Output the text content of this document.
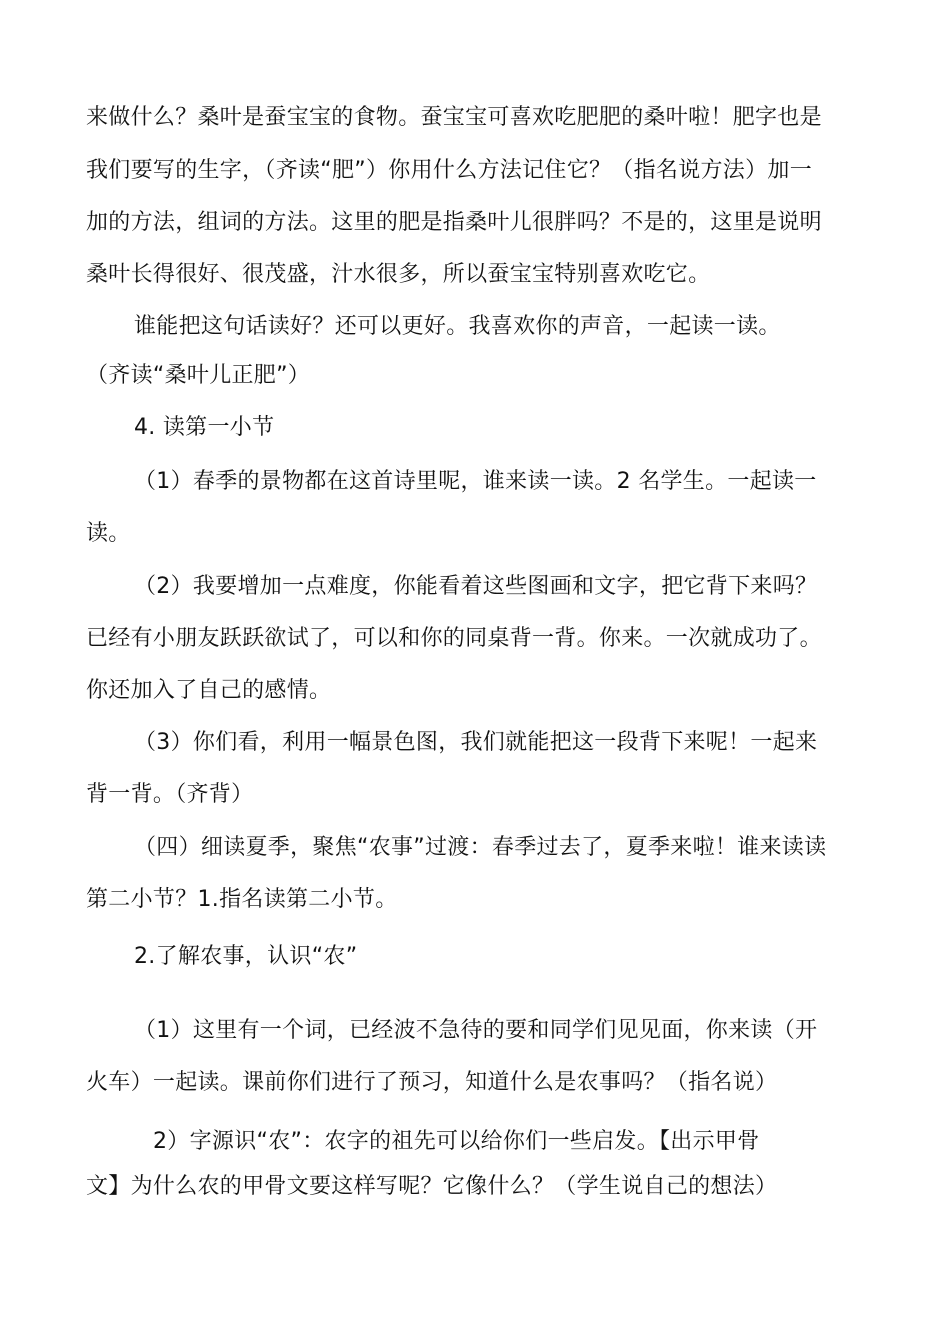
来做什么？桑叶是蚕宝宝的食物。蚕宝宝可喜欢吃肥肥的桑叶啦！肥字也是
我们要写的生字，（齐读“肥”）你用什么方法记住它？（指名说方法）加一
加的方法，组词的方法。这里的肥是指桑叶儿很胖吗？不是的，这里是说明
桑叶长得很好、很茂盛，汁水很多，所以蚕宝宝特别喜欢吃它。
谁能把这句话读好？还可以更好。我喜欢你的声音，一起读一读。
（齐读“桑叶儿正肥”）
4. 读第一小节
（1）春季的景物都在这首诗里呢，谁来读一读。2 名学生。一起读一
读。
（2）我要增加一点难度，你能看着这些图画和文字，把它背下来吗？
已经有小朋友跃跃欲试了，可以和你的同桌背一背。你来。一次就成功了。
你还加入了自己的感情。
（3）你们看，利用一幅景色图，我们就能把这一段背下来呢！一起来
背一背。（齐背）
（四）细读夏季，聚焦“农事”过渡：春季过去了，夏季来啦！谁来读读
第二小节？1.指名读第二小节。
2.了解农事，认识“农”
（1）这里有一个词，已经波不急待的要和同学们见见面，你来读（开
火车）一起读。课前你们进行了预习，知道什么是农事吗？（指名说）
2）字源识“农”：农字的祖先可以给你们一些启发。【出示甲骨
文】为什么农的甲骨文要这样写呢？它像什么？（学生说自己的想法）
